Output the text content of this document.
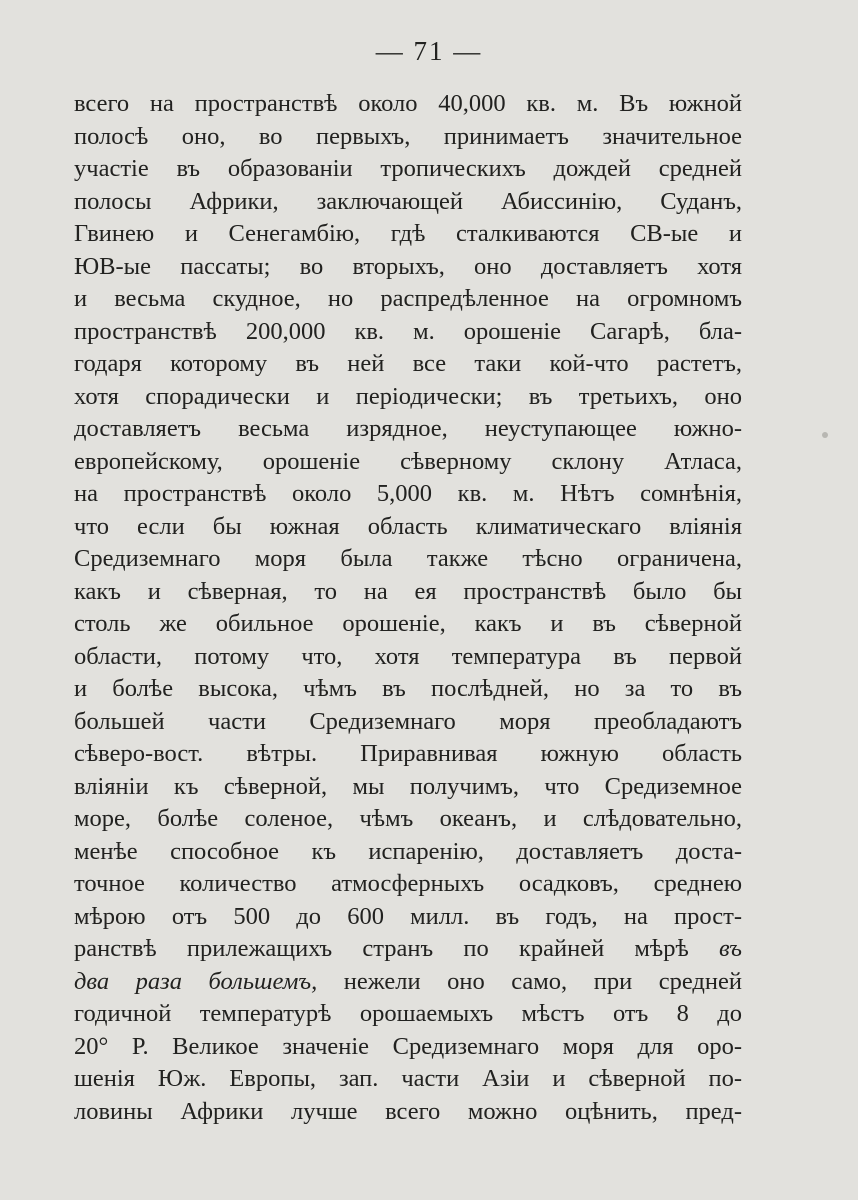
— 71 —
всего на пространствѣ около 40,000 кв. м. Въ южной
полосѣ оно, во первыхъ, принимаетъ значительное
участіе въ образованіи тропическихъ дождей средней
полосы Африки, заключающей Абиссинію, Суданъ,
Гвинею и Сенегамбію, гдѣ сталкиваются СВ-ые и
ЮВ-ые пассаты; во вторыхъ, оно доставляетъ хотя
и весьма скудное, но распредѣленное на огромномъ
пространствѣ 200,000 кв. м. орошеніе Сагарѣ, бла-
годаря которому въ ней все таки кой-что растетъ,
хотя спорадически и періодически; въ третьихъ, оно
доставляетъ весьма изрядное, неуступающее южно-
европейскому, орошеніе сѣверному склону Атласа,
на пространствѣ около 5,000 кв. м. Нѣтъ сомнѣнія,
что если бы южная область климатическаго вліянія
Средиземнаго моря была также тѣсно ограничена,
какъ и сѣверная, то на ея пространствѣ было бы
столь же обильное орошеніе, какъ и въ сѣверной
области, потому что, хотя температура въ первой
и болѣе высока, чѣмъ въ послѣдней, но за то въ
большей части Средиземнаго моря преобладаютъ
сѣверо-вост. вѣтры. Приравнивая южную область
вліяніи къ сѣверной, мы получимъ, что Средиземное
море, болѣе соленое, чѣмъ океанъ, и слѣдовательно,
менѣе способное къ испаренію, доставляетъ доста-
точное количество атмосферныхъ осадковъ, среднею
мѣрою отъ 500 до 600 милл. въ годъ, на прост-
ранствѣ прилежащихъ странъ по крайней мѣрѣ въ
два раза большемъ, нежели оно само, при средней
годичной температурѣ орошаемыхъ мѣстъ отъ 8 до
20° Р. Великое значеніе Средиземнаго моря для оро-
шенія Юж. Европы, зап. части Азіи и сѣверной по-
ловины Африки лучше всего можно оцѣнить, пред-
